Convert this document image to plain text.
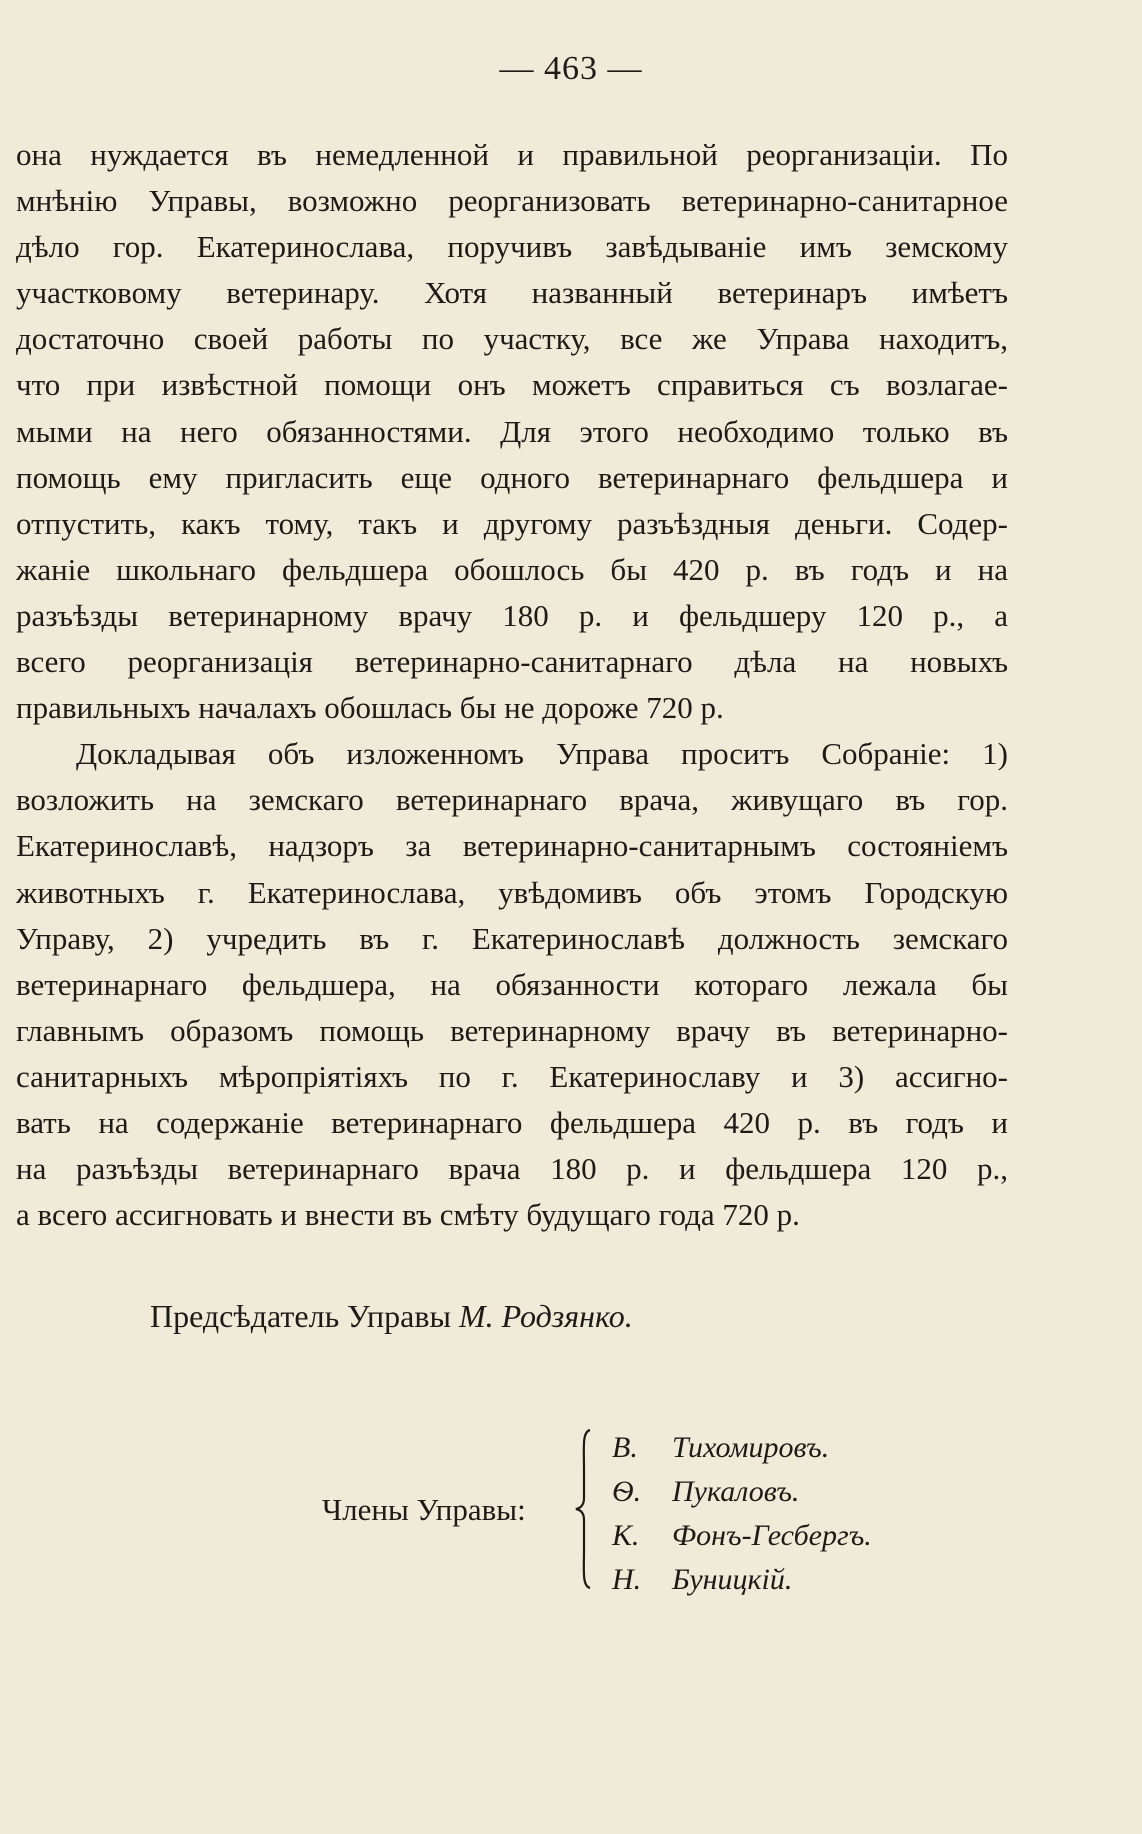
— 463 —
она нуждается въ немедленной и правильной реорганизаціи. По
мнѣнію Управы, возможно реорганизовать ветеринарно-санитарное
дѣло гор. Екатеринослава, поручивъ завѣдываніе имъ земскому
участковому ветеринару. Хотя названный ветеринаръ имѣетъ
достаточно своей работы по участку, все же Управа находитъ,
что при извѣстной помощи онъ можетъ справиться съ возлагае-
мыми на него обязанностями. Для этого необходимо только въ
помощь ему пригласить еще одного ветеринарнаго фельдшера и
отпустить, какъ тому, такъ и другому разъѣздныя деньги. Содер-
жаніе школьнаго фельдшера обошлось бы 420 р. въ годъ и на
разъѣзды ветеринарному врачу 180 р. и фельдшеру 120 р., а
всего реорганизація ветеринарно-санитарнаго дѣла на новыхъ
правильныхъ началахъ обошлась бы не дороже 720 р.
Докладывая объ изложенномъ Управа проситъ Собраніе: 1)
возложить на земскаго ветеринарнаго врача, живущаго въ гор.
Екатеринославѣ, надзоръ за ветеринарно-санитарнымъ состояніемъ
животныхъ г. Екатеринослава, увѣдомивъ объ этомъ Городскую
Управу, 2) учредить въ г. Екатеринославѣ должность земскаго
ветеринарнаго фельдшера, на обязанности котораго лежала бы
главнымъ образомъ помощь ветеринарному врачу въ ветеринарно-
санитарныхъ мѣропріятіяхъ по г. Екатеринославу и 3) ассигно-
вать на содержаніе ветеринарнаго фельдшера 420 р. въ годъ и
на разъѣзды ветеринарнаго врача 180 р. и фельдшера 120 р.,
а всего ассигновать и внести въ смѣту будущаго года 720 р.
Предсѣдатель Управы М. Родзянко.
Члены Управы:
В. Тихомировъ.
Ѳ. Пукаловъ.
К. Фонъ-Гесбергъ.
Н. Буницкій.
